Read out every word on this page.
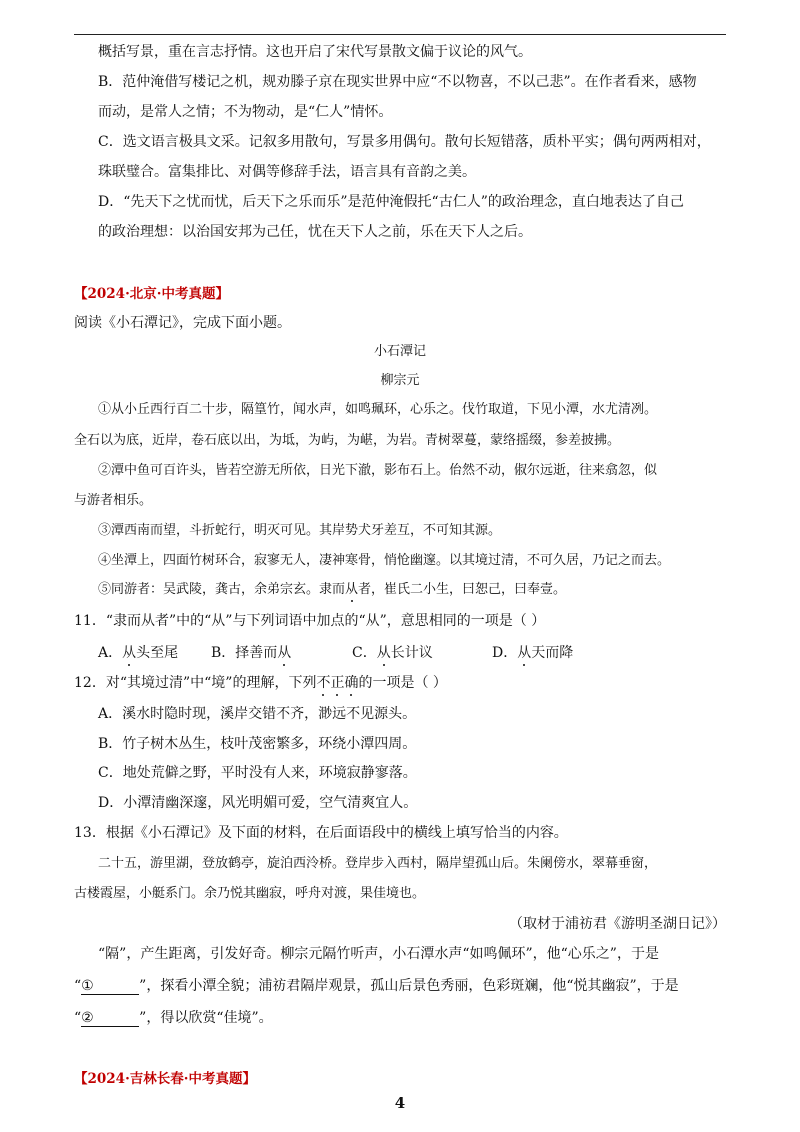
概括写景，重在言志抒情。这也开启了宋代写景散文偏于议论的风气。
B．范仲淹借写楼记之机，规劝滕子京在现实世界中应“不以物喜，不以己悲”。在作者看来，感物
而动，是常人之情；不为物动，是“仁人”情怀。
C．选文语言极具文采。记叙多用散句，写景多用偶句。散句长短错落，质朴平实；偶句两两相对，
珠联璧合。富集排比、对偶等修辞手法，语言具有音韵之美。
D．“先天下之忧而忧，后天下之乐而乐”是范仲淹假托“古仁人”的政治理念，直白地表达了自己
的政治理想：以治国安邦为己任，忧在天下人之前，乐在天下人之后。
【2024·北京·中考真题】
阅读《小石潭记》，完成下面小题。
小石潭记
柳宗元
①从小丘西行百二十步，隔篁竹，闻水声，如鸣珮环，心乐之。伐竹取道，下见小潭，水尤清冽。
全石以为底，近岸，卷石底以出，为坻，为屿，为嵁，为岩。青树翠蔓，蒙络摇缀，参差披拂。
②潭中鱼可百许头，皆若空游无所依，日光下澈，影布石上。佁然不动，俶尔远逝，往来翕忽，似
与游者相乐。
③潭西南而望，斗折蛇行，明灭可见。其岸势犬牙差互，不可知其源。
④坐潭上，四面竹树环合，寂寥无人，凄神寒骨，悄怆幽邃。以其境过清，不可久居，乃记之而去。
⑤同游者：吴武陵，龚古，余弟宗玄。隶而从者，崔氏二小生，曰恕己，曰奉壹。
11．“隶而从者”中的“从”与下列词语中加点的“从”，意思相同的一项是（ ）
A．从头至尾 B．择善而从	C．从长计议	D．从天而降
12．对“其境过清”中“境”的理解，下列不正确的一项是（ ）
A．溪水时隐时现，溪岸交错不齐，渺远不见源头。
B．竹子树木丛生，枝叶茂密繁多，环绕小潭四周。
C．地处荒僻之野，平时没有人来，环境寂静寥落。
D．小潭清幽深邃，风光明媚可爱，空气清爽宜人。
13．根据《小石潭记》及下面的材料，在后面语段中的横线上填写恰当的内容。
二十五，游里湖，登放鹤亭，旋泊西泠桥。登岸步入西村，隔岸望孤山后。朱阑傍水，翠幕垂窗，
古楼霞屋，小艇系门。余乃悦其幽寂，呼舟对渡，果佳境也。
（取材于浦祊君《游明圣湖日记》）
“隔”，产生距离，引发好奇。柳宗元隔竹听声，小石潭水声“如鸣佩环”，他“心乐之”，于是
“①	”，探看小潭全貌；浦祊君隔岸观景，孤山后景色秀丽，色彩斑斓，他“悦其幽寂”，于是
“②	”，得以欣赏“佳境”。
【2024·吉林长春·中考真题】
4
